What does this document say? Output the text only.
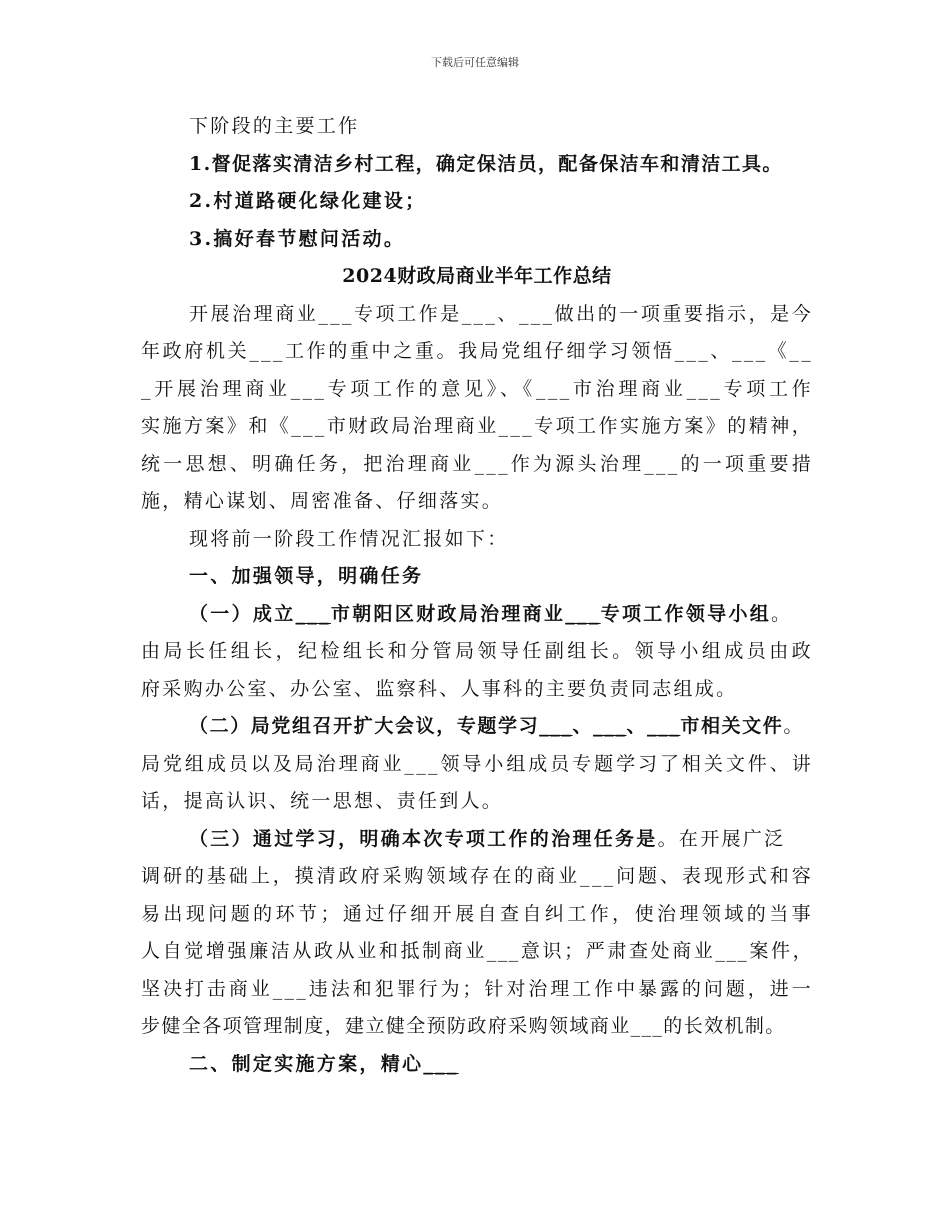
下载后可任意编辑
下阶段的主要工作
1.督促落实清洁乡村工程，确定保洁员，配备保洁车和清洁工具。
2.村道路硬化绿化建设；
3.搞好春节慰问活动。
2024财政局商业半年工作总结
开展治理商业___专项工作是___、___做出的一项重要指示，是今
年政府机关___工作的重中之重。我局党组仔细学习领悟___、___《__
_开展治理商业___专项工作的意见》、《___市治理商业___专项工作
实施方案》和《___市财政局治理商业___专项工作实施方案》的精神，
统一思想、明确任务，把治理商业___作为源头治理___的一项重要措
施，精心谋划、周密准备、仔细落实。
现将前一阶段工作情况汇报如下：
一、加强领导，明确任务
（一）成立___市朝阳区财政局治理商业___专项工作领导小组。
由局长任组长，纪检组长和分管局领导任副组长。领导小组成员由政
府采购办公室、办公室、监察科、人事科的主要负责同志组成。
（二）局党组召开扩大会议，专题学习___、___、___市相关文件。
局党组成员以及局治理商业___领导小组成员专题学习了相关文件、讲
话，提高认识、统一思想、责任到人。
（三）通过学习，明确本次专项工作的治理任务是。在开展广泛
调研的基础上，摸清政府采购领域存在的商业___问题、表现形式和容
易出现问题的环节；通过仔细开展自查自纠工作，使治理领域的当事
人自觉增强廉洁从政从业和抵制商业___意识；严肃查处商业___案件，
坚决打击商业___违法和犯罪行为；针对治理工作中暴露的问题，进一
步健全各项管理制度，建立健全预防政府采购领域商业___的长效机制。
二、制定实施方案，精心___
